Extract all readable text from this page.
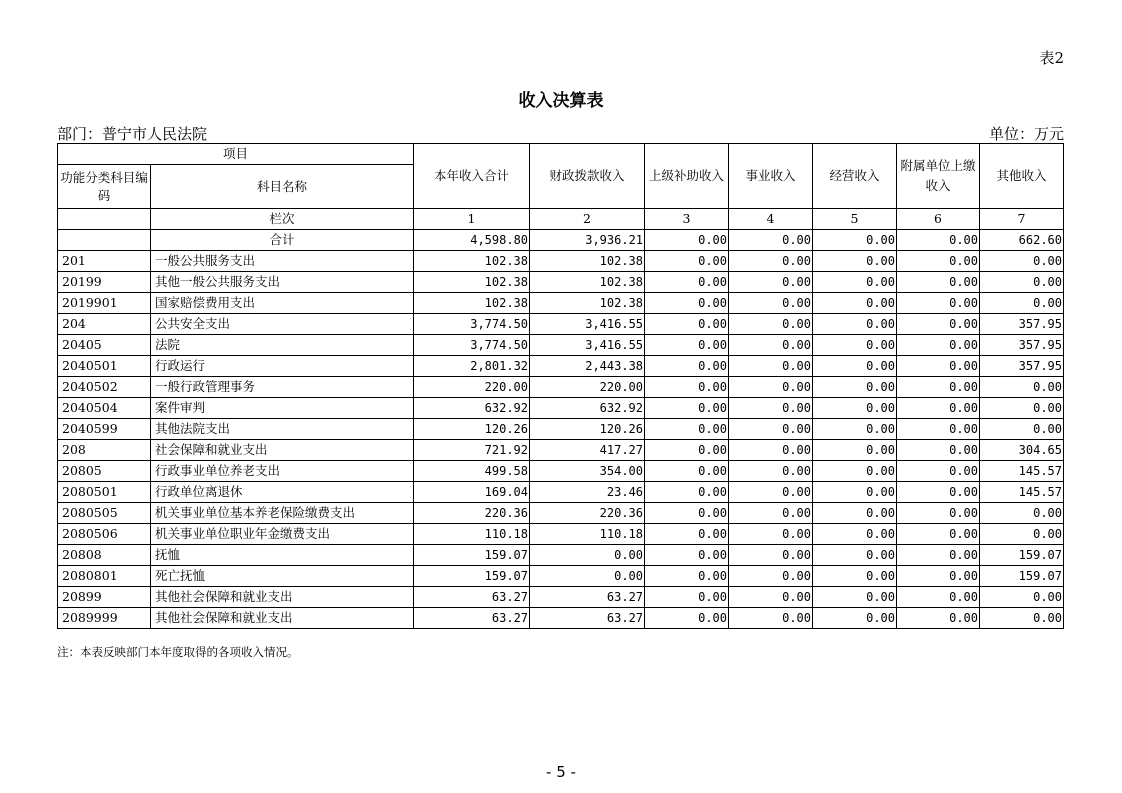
表2
收入决算表
部门：普宁市人民法院	单位：万元
项目		本年收入合计	财政拨款收入	上级补助收入	事业收入	经营收入	附属单位上缴收入	其他收入
功能分类科目编码	科目名称							
	栏次	1	2	3	4	5	6	7
	合计	4,598.80	3,936.21	0.00	0.00	0.00	0.00	662.60
201	一般公共服务支出	102.38	102.38	0.00	0.00	0.00	0.00	0.00
20199	其他一般公共服务支出	102.38	102.38	0.00	0.00	0.00	0.00	0.00
2019901	国家赔偿费用支出	102.38	102.38	0.00	0.00	0.00	0.00	0.00
204	公共安全支出	3,774.50	3,416.55	0.00	0.00	0.00	0.00	357.95
20405	法院	3,774.50	3,416.55	0.00	0.00	0.00	0.00	357.95
2040501	行政运行	2,801.32	2,443.38	0.00	0.00	0.00	0.00	357.95
2040502	一般行政管理事务	220.00	220.00	0.00	0.00	0.00	0.00	0.00
2040504	案件审判	632.92	632.92	0.00	0.00	0.00	0.00	0.00
2040599	其他法院支出	120.26	120.26	0.00	0.00	0.00	0.00	0.00
208	社会保障和就业支出	721.92	417.27	0.00	0.00	0.00	0.00	304.65
20805	行政事业单位养老支出	499.58	354.00	0.00	0.00	0.00	0.00	145.57
2080501	行政单位离退休	169.04	23.46	0.00	0.00	0.00	0.00	145.57
2080505	机关事业单位基本养老保险缴费支出	220.36	220.36	0.00	0.00	0.00	0.00	0.00
2080506	机关事业单位职业年金缴费支出	110.18	110.18	0.00	0.00	0.00	0.00	0.00
20808	抚恤	159.07	0.00	0.00	0.00	0.00	0.00	159.07
2080801	死亡抚恤	159.07	0.00	0.00	0.00	0.00	0.00	159.07
20899	其他社会保障和就业支出	63.27	63.27	0.00	0.00	0.00	0.00	0.00
2089999	其他社会保障和就业支出	63.27	63.27	0.00	0.00	0.00	0.00	0.00
注：本表反映部门本年度取得的各项收入情况。
- 5 -
